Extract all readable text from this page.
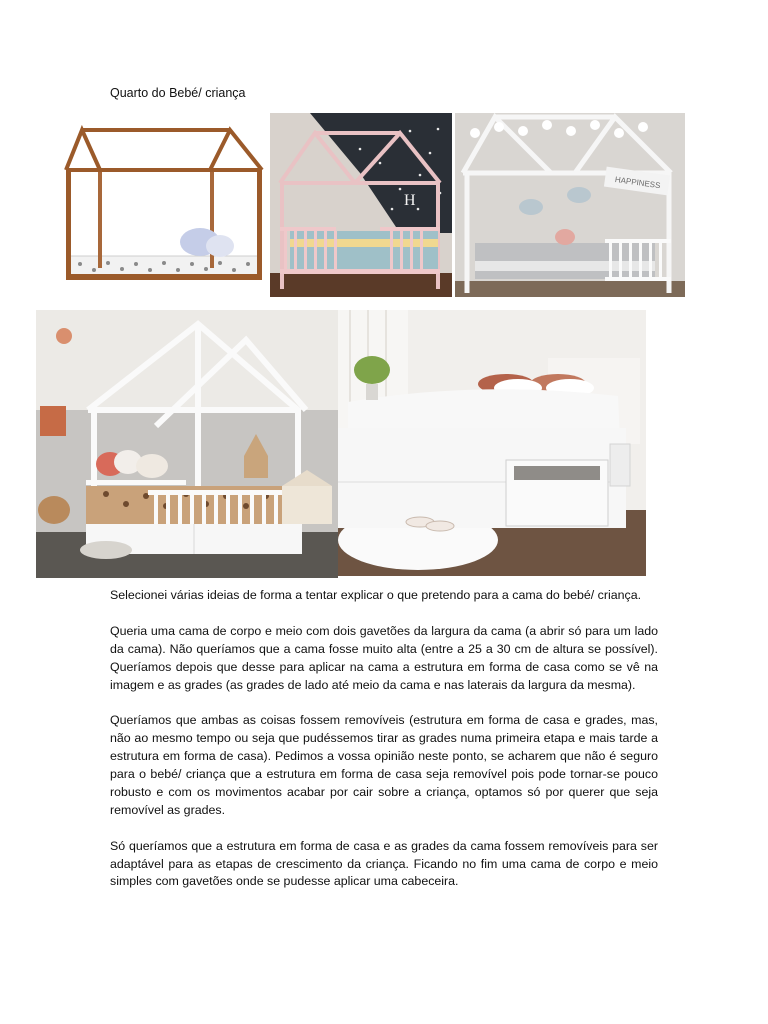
Quarto do Bebé/ criança
H
HAPPINESS

Selecionei várias ideias de forma a tentar explicar o que pretendo para a cama do bebé/ criança.

Queria uma cama de corpo e meio com dois gavetões da largura da cama (a abrir só para um lado da cama). Não queríamos que a cama fosse muito alta (entre a 25 a 30 cm de altura se possível). Queríamos depois que desse para aplicar na cama a estrutura em forma de casa como se vê na imagem e as grades (as grades de lado até meio da cama e nas laterais da largura da mesma).

Queríamos que ambas as coisas fossem removíveis (estrutura em forma de casa e grades, mas, não ao mesmo tempo ou seja que pudéssemos tirar as grades numa primeira etapa e mais tarde a estrutura em forma de casa). Pedimos a vossa opinião neste ponto, se acharem que não é seguro para o bebé/ criança que a estrutura em forma de casa seja removível pois pode tornar-se pouco robusto e com os movimentos acabar por cair sobre a criança, optamos só por querer que seja removível as grades.

Só queríamos que a estrutura em forma de casa e as grades da cama fossem removíveis para ser adaptável para as etapas de crescimento da criança. Ficando no fim uma cama de corpo e meio simples com gavetões onde se pudesse aplicar uma cabeceira.
